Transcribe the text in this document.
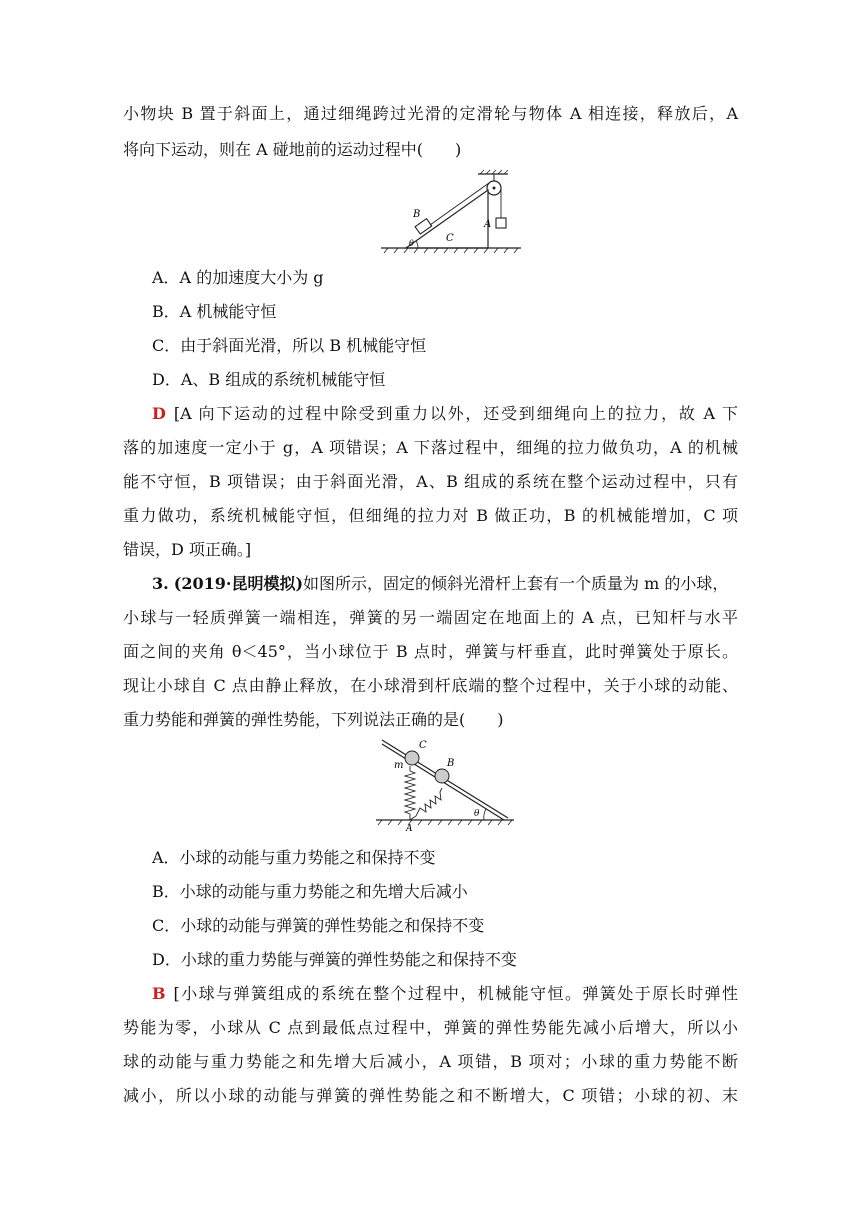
小物块 B 置于斜面上，通过细绳跨过光滑的定滑轮与物体 A 相连接，释放后，A
将向下运动，则在 A 碰地前的运动过程中(　　)
B
C
θ
A
A．A 的加速度大小为 g
B．A 机械能守恒
C．由于斜面光滑，所以 B 机械能守恒
D．A、B 组成的系统机械能守恒
D [A 向下运动的过程中除受到重力以外，还受到细绳向上的拉力，故 A 下
落的加速度一定小于 g，A 项错误；A 下落过程中，细绳的拉力做负功，A 的机械
能不守恒，B 项错误；由于斜面光滑，A、B 组成的系统在整个运动过程中，只有
重力做功，系统机械能守恒，但细绳的拉力对 B 做正功，B 的机械能增加，C 项
错误，D 项正确。]
3. (2019·昆明模拟)如图所示，固定的倾斜光滑杆上套有一个质量为 m 的小球，
小球与一轻质弹簧一端相连，弹簧的另一端固定在地面上的 A 点，已知杆与水平
面之间的夹角 θ＜45°，当小球位于 B 点时，弹簧与杆垂直，此时弹簧处于原长。
现让小球自 C 点由静止释放，在小球滑到杆底端的整个过程中，关于小球的动能、
重力势能和弹簧的弹性势能，下列说法正确的是(　　)
C
B
m
θ
A
A．小球的动能与重力势能之和保持不变
B．小球的动能与重力势能之和先增大后减小
C．小球的动能与弹簧的弹性势能之和保持不变
D．小球的重力势能与弹簧的弹性势能之和保持不变
B [小球与弹簧组成的系统在整个过程中，机械能守恒。弹簧处于原长时弹性
势能为零，小球从 C 点到最低点过程中，弹簧的弹性势能先减小后增大，所以小
球的动能与重力势能之和先增大后减小，A 项错，B 项对；小球的重力势能不断
减小，所以小球的动能与弹簧的弹性势能之和不断增大，C 项错；小球的初、末
